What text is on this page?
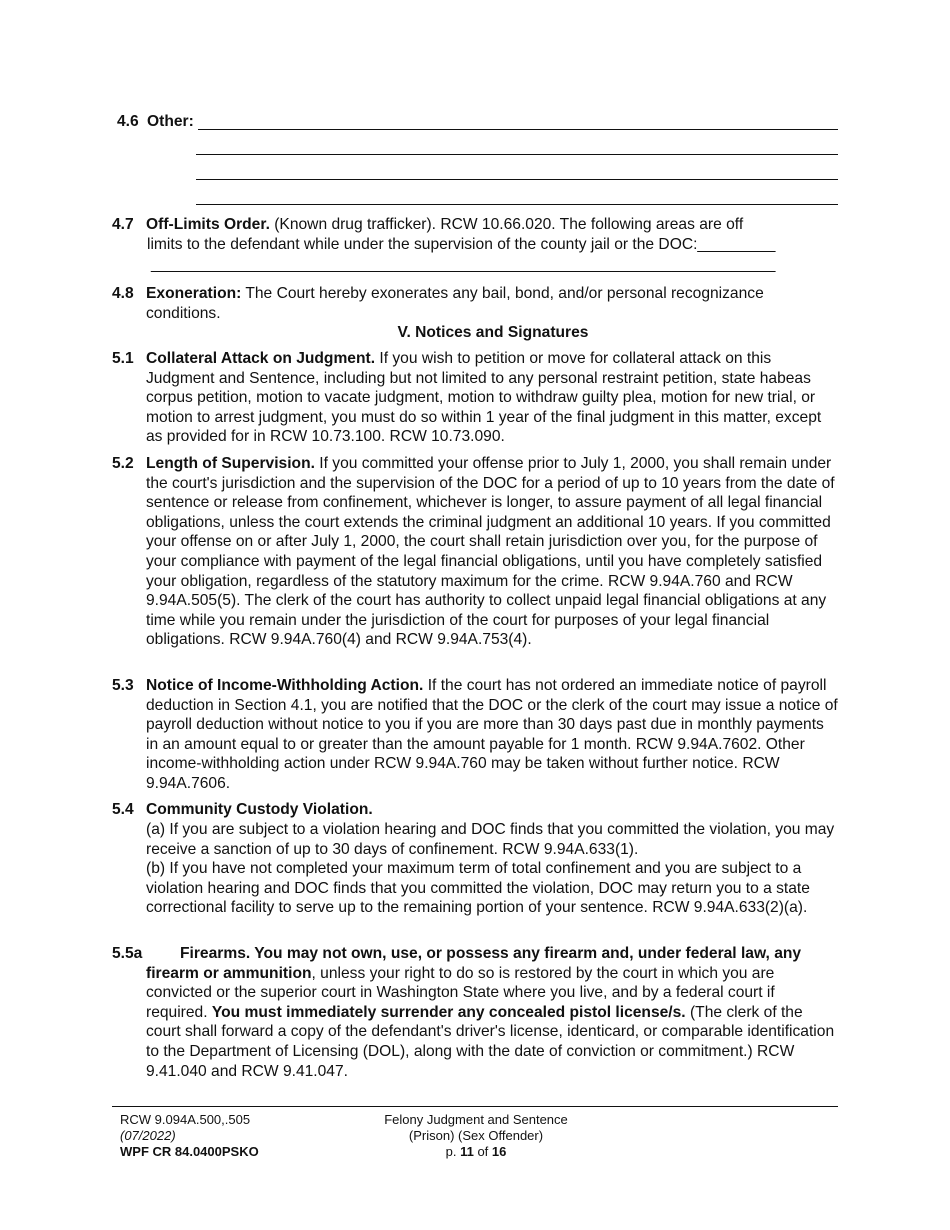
4.6 Other:
4.7 Off-Limits Order. (Known drug trafficker). RCW 10.66.020. The following areas are off
limits to the defendant while under the supervision of the county jail or the DOC:_________
________________________________________________________________________
4.8 Exoneration: The Court hereby exonerates any bail, bond, and/or personal recognizance conditions.
V. Notices and Signatures
5.1 Collateral Attack on Judgment. If you wish to petition or move for collateral attack on this Judgment and Sentence, including but not limited to any personal restraint petition, state habeas corpus petition, motion to vacate judgment, motion to withdraw guilty plea, motion for new trial, or motion to arrest judgment, you must do so within 1 year of the final judgment in this matter, except as provided for in RCW 10.73.100. RCW 10.73.090.
5.2 Length of Supervision. If you committed your offense prior to July 1, 2000, you shall remain under the court's jurisdiction and the supervision of the DOC for a period of up to 10 years from the date of sentence or release from confinement, whichever is longer, to assure payment of all legal financial obligations, unless the court extends the criminal judgment an additional 10 years. If you committed your offense on or after July 1, 2000, the court shall retain jurisdiction over you, for the purpose of your compliance with payment of the legal financial obligations, until you have completely satisfied your obligation, regardless of the statutory maximum for the crime. RCW 9.94A.760 and RCW 9.94A.505(5). The clerk of the court has authority to collect unpaid legal financial obligations at any time while you remain under the jurisdiction of the court for purposes of your legal financial obligations. RCW 9.94A.760(4) and RCW 9.94A.753(4).
5.3 Notice of Income-Withholding Action. If the court has not ordered an immediate notice of payroll deduction in Section 4.1, you are notified that the DOC or the clerk of the court may issue a notice of payroll deduction without notice to you if you are more than 30 days past due in monthly payments in an amount equal to or greater than the amount payable for 1 month. RCW 9.94A.7602. Other income-withholding action under RCW 9.94A.760 may be taken without further notice. RCW 9.94A.7606.
5.4 Community Custody Violation.
(a) If you are subject to a violation hearing and DOC finds that you committed the violation, you may receive a sanction of up to 30 days of confinement. RCW 9.94A.633(1).
(b) If you have not completed your maximum term of total confinement and you are subject to a violation hearing and DOC finds that you committed the violation, DOC may return you to a state correctional facility to serve up to the remaining portion of your sentence. RCW 9.94A.633(2)(a).
5.5a	Firearms. You may not own, use, or possess any firearm and, under federal law, any firearm or ammunition, unless your right to do so is restored by the court in which you are convicted or the superior court in Washington State where you live, and by a federal court if required. You must immediately surrender any concealed pistol license/s. (The clerk of the court shall forward a copy of the defendant's driver's license, identicard, or comparable identification to the Department of Licensing (DOL), along with the date of conviction or commitment.) RCW 9.41.040 and RCW 9.41.047.
RCW 9.094A.500,.505
(07/2022)
WPF CR 84.0400PSKO
Felony Judgment and Sentence
(Prison) (Sex Offender)
p. 11 of 16
